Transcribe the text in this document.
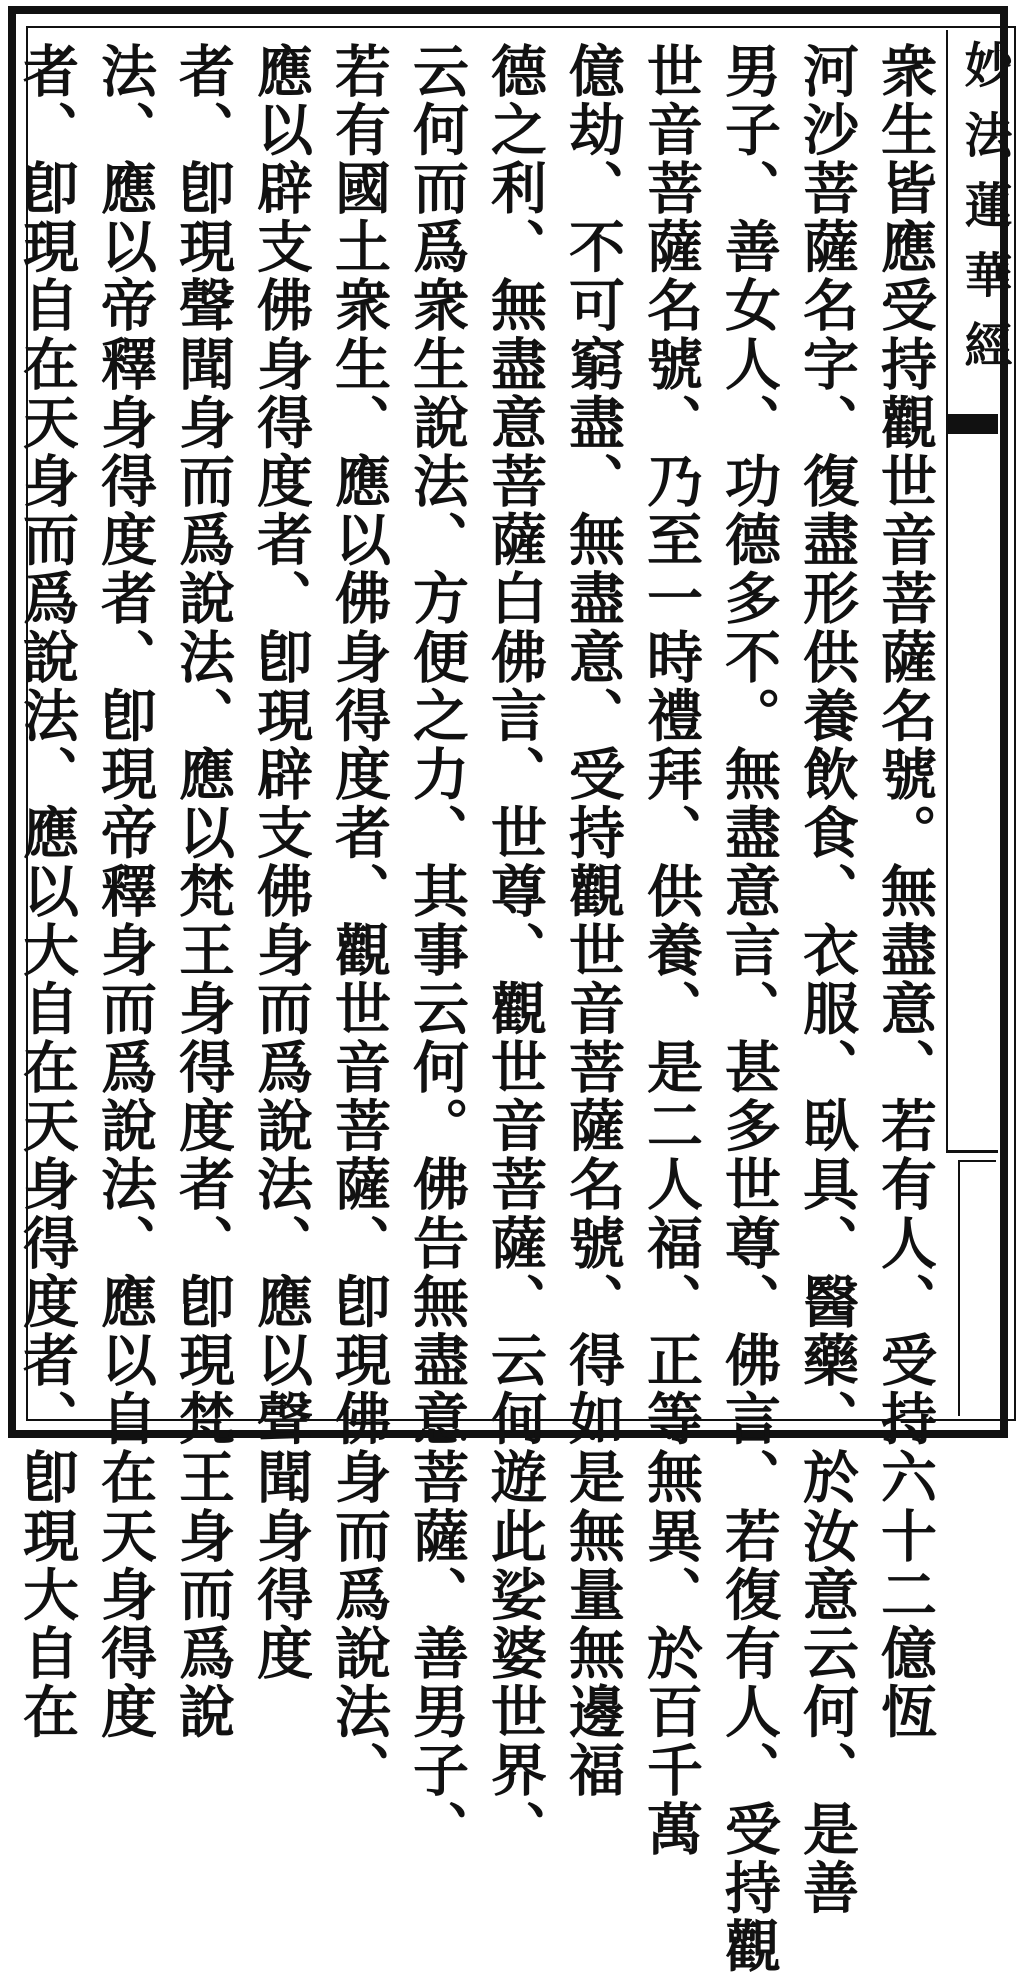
妙法蓮華經
衆生皆應受持觀世音菩薩名號。無盡意、若有人、受持六十二億恆
河沙菩薩名字、復盡形供養飲食、衣服、臥具、醫藥、於汝意云何、是善
男子、善女人、功德多不。無盡意言、甚多世尊、佛言、若復有人、受持觀
世音菩薩名號、乃至一時禮拜、供養、是二人福、正等無異、於百千萬
億劫、不可窮盡、無盡意、受持觀世音菩薩名號、得如是無量無邊福
德之利、無盡意菩薩白佛言、世尊、觀世音菩薩、云何遊此娑婆世界、
云何而爲衆生說法、方便之力、其事云何。佛告無盡意菩薩、善男子、
若有國土衆生、應以佛身得度者、觀世音菩薩、卽現佛身而爲說法、
應以辟支佛身得度者、卽現辟支佛身而爲說法、應以聲聞身得度
者、卽現聲聞身而爲說法、應以梵王身得度者、卽現梵王身而爲說
法、應以帝釋身得度者、卽現帝釋身而爲說法、應以自在天身得度
者、卽現自在天身而爲說法、應以大自在天身得度者、卽現大自在
